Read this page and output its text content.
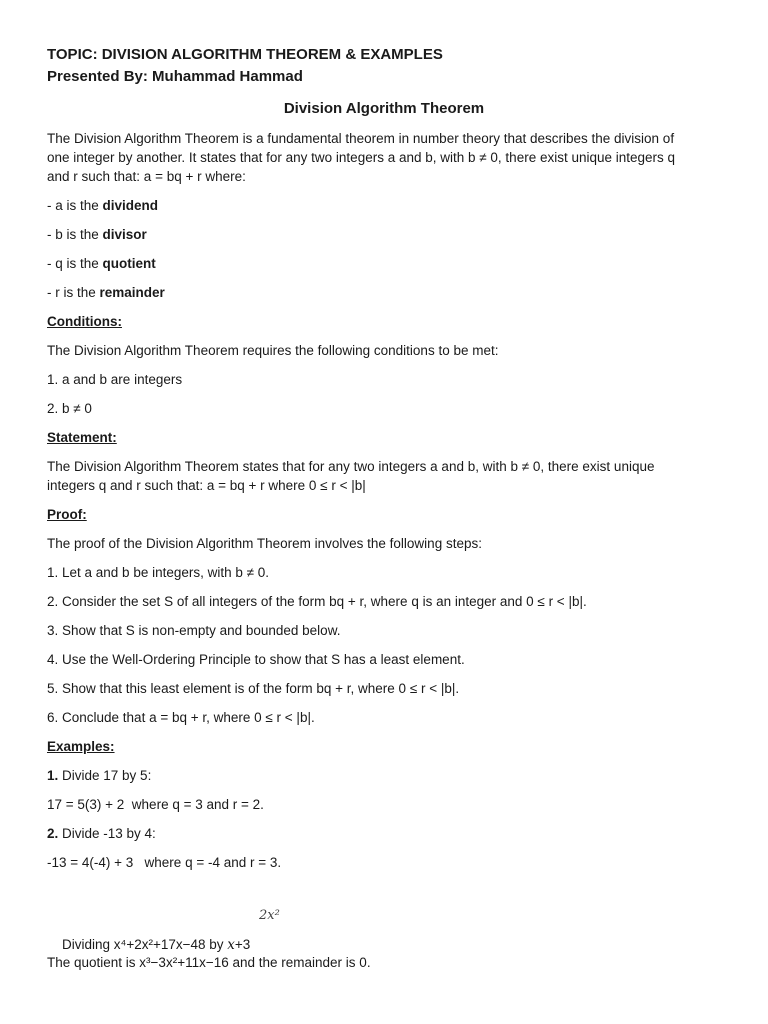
TOPIC: DIVISION ALGORITHM THEOREM & EXAMPLES
Presented By: Muhammad Hammad
Division Algorithm Theorem
The Division Algorithm Theorem is a fundamental theorem in number theory that describes the division of
one integer by another. It states that for any two integers a and b, with b ≠ 0, there exist unique integers q
and r such that: a = bq + r where:
- a is the dividend
- b is the divisor
- q is the quotient
- r is the remainder
Conditions:
The Division Algorithm Theorem requires the following conditions to be met:
1. a and b are integers
2. b ≠ 0
Statement:
The Division Algorithm Theorem states that for any two integers a and b, with b ≠ 0, there exist unique
integers q and r such that: a = bq + r where 0 ≤ r < |b|
Proof:
The proof of the Division Algorithm Theorem involves the following steps:
1. Let a and b be integers, with b ≠ 0.
2. Consider the set S of all integers of the form bq + r, where q is an integer and 0 ≤ r < |b|.
3. Show that S is non-empty and bounded below.
4. Use the Well-Ordering Principle to show that S has a least element.
5. Show that this least element is of the form bq + r, where 0 ≤ r < |b|.
6. Conclude that a = bq + r, where 0 ≤ r < |b|.
Examples:
1. Divide 17 by 5:
17 = 5(3) + 2  where q = 3 and r = 2.
2. Divide -13 by 4:
-13 = 4(-4) + 3   where q = -4 and r = 3.
2x²
Dividing x⁴+2x²+17x−48 by x+3
The quotient is x³−3x²+11x−16 and the remainder is 0.
